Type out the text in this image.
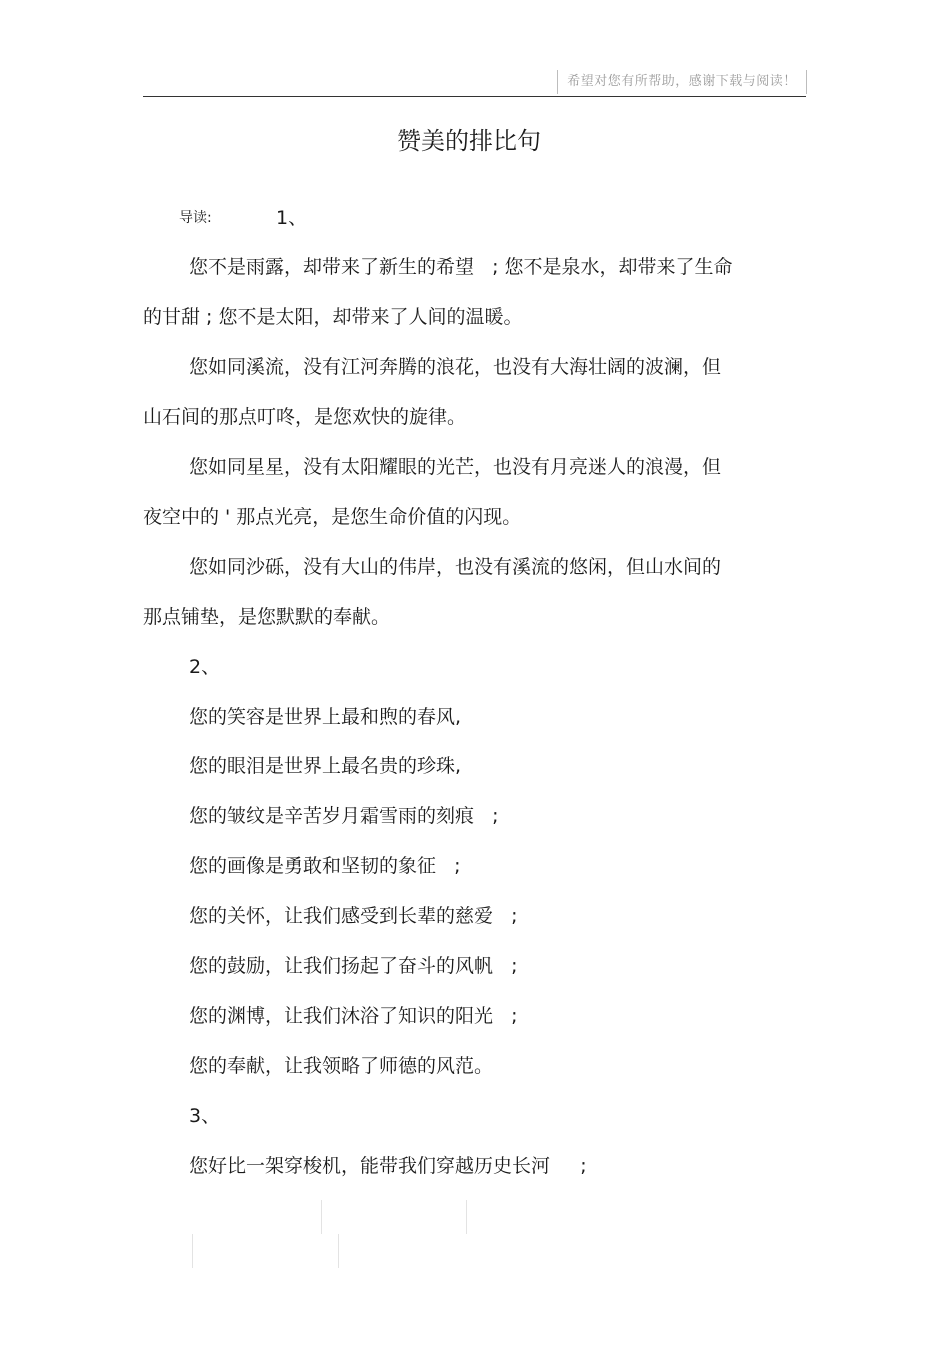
希望对您有所帮助，感谢下载与阅读！
赞美的排比句
导读:	1、
您不是雨露，却带来了新生的希望   ; 您不是泉水，却带来了生命
的甘甜 ; 您不是太阳，却带来了人间的温暖。
您如同溪流，没有江河奔腾的浪花，也没有大海壮阔的波澜，但
山石间的那点叮咚，是您欢快的旋律。
您如同星星，没有太阳耀眼的光芒，也没有月亮迷人的浪漫，但
夜空中的 ' 那点光亮，是您生命价值的闪现。
您如同沙砾，没有大山的伟岸，也没有溪流的悠闲，但山水间的
那点铺垫，是您默默的奉献。
2、
您的笑容是世界上最和煦的春风,
您的眼泪是世界上最名贵的珍珠,
您的皱纹是辛苦岁月霜雪雨的刻痕   ;
您的画像是勇敢和坚韧的象征   ;
您的关怀，让我们感受到长辈的慈爱   ;
您的鼓励，让我们扬起了奋斗的风帆   ;
您的渊博，让我们沐浴了知识的阳光   ;
您的奉献，让我领略了师德的风范。
3、
您好比一架穿梭机，能带我们穿越历史长河     ;
